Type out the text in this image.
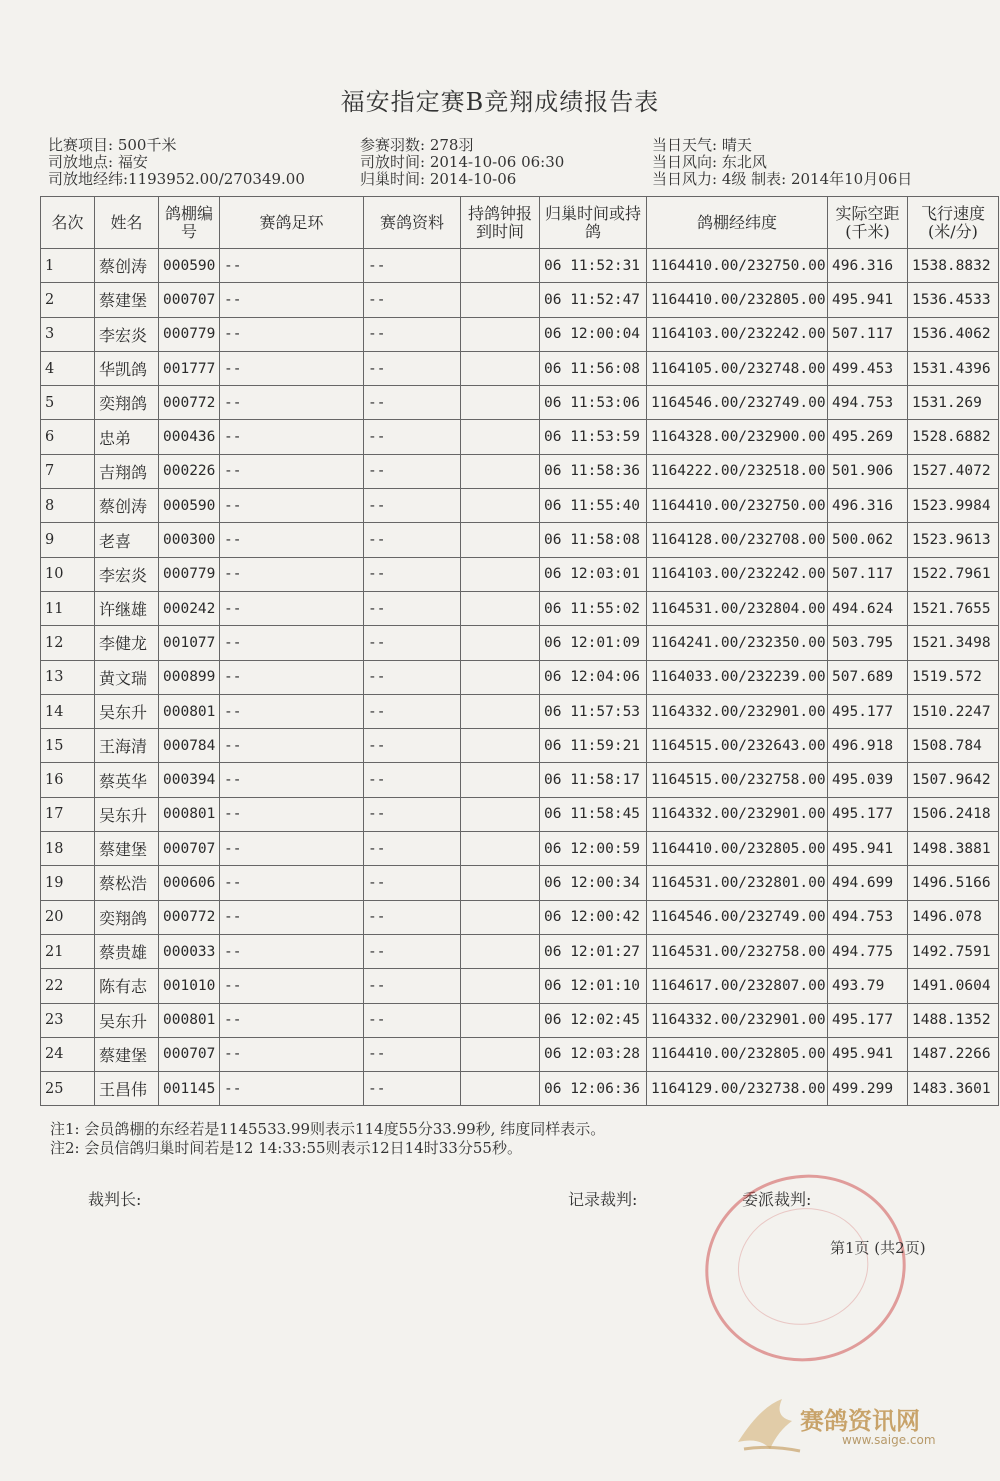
福安指定赛B竞翔成绩报告表
比赛项目: 500千米
司放地点: 福安
司放地经纬:1193952.00/270349.00
参赛羽数: 278羽
司放时间: 2014-10-06 06:30
归巢时间: 2014-10-06
当日天气: 晴天
当日风向: 东北风
当日风力: 4级 制表: 2014年10月06日
名次	姓名	鸽棚编号	赛鸽足环	赛鸽资料	持鸽钟报到时间	归巢时间或持鸽	鸽棚经纬度	实际空距(千米)	飞行速度(米/分)
1	蔡创涛	000590	--	--		06 11:52:31	1164410.00/232750.00	496.316	1538.8832
2	蔡建堡	000707	--	--		06 11:52:47	1164410.00/232805.00	495.941	1536.4533
3	李宏炎	000779	--	--		06 12:00:04	1164103.00/232242.00	507.117	1536.4062
4	华凯鸽	001777	--	--		06 11:56:08	1164105.00/232748.00	499.453	1531.4396
5	奕翔鸽	000772	--	--		06 11:53:06	1164546.00/232749.00	494.753	1531.269
6	忠弟	000436	--	--		06 11:53:59	1164328.00/232900.00	495.269	1528.6882
7	吉翔鸽	000226	--	--		06 11:58:36	1164222.00/232518.00	501.906	1527.4072
8	蔡创涛	000590	--	--		06 11:55:40	1164410.00/232750.00	496.316	1523.9984
9	老喜	000300	--	--		06 11:58:08	1164128.00/232708.00	500.062	1523.9613
10	李宏炎	000779	--	--		06 12:03:01	1164103.00/232242.00	507.117	1522.7961
11	许继雄	000242	--	--		06 11:55:02	1164531.00/232804.00	494.624	1521.7655
12	李健龙	001077	--	--		06 12:01:09	1164241.00/232350.00	503.795	1521.3498
13	黄文瑞	000899	--	--		06 12:04:06	1164033.00/232239.00	507.689	1519.572
14	吴东升	000801	--	--		06 11:57:53	1164332.00/232901.00	495.177	1510.2247
15	王海清	000784	--	--		06 11:59:21	1164515.00/232643.00	496.918	1508.784
16	蔡英华	000394	--	--		06 11:58:17	1164515.00/232758.00	495.039	1507.9642
17	吴东升	000801	--	--		06 11:58:45	1164332.00/232901.00	495.177	1506.2418
18	蔡建堡	000707	--	--		06 12:00:59	1164410.00/232805.00	495.941	1498.3881
19	蔡松浩	000606	--	--		06 12:00:34	1164531.00/232801.00	494.699	1496.5166
20	奕翔鸽	000772	--	--		06 12:00:42	1164546.00/232749.00	494.753	1496.078
21	蔡贵雄	000033	--	--		06 12:01:27	1164531.00/232758.00	494.775	1492.7591
22	陈有志	001010	--	--		06 12:01:10	1164617.00/232807.00	493.79	1491.0604
23	吴东升	000801	--	--		06 12:02:45	1164332.00/232901.00	495.177	1488.1352
24	蔡建堡	000707	--	--		06 12:03:28	1164410.00/232805.00	495.941	1487.2266
25	王昌伟	001145	--	--		06 12:06:36	1164129.00/232738.00	499.299	1483.3601
注1: 会员鸽棚的东经若是1145533.99则表示114度55分33.99秒, 纬度同样表示。
注2: 会员信鸽归巢时间若是12 14:33:55则表示12日14时33分55秒。
裁判长:	记录裁判:	委派裁判:
第1页 (共2页)
赛鸽资讯网
www.saige.com
